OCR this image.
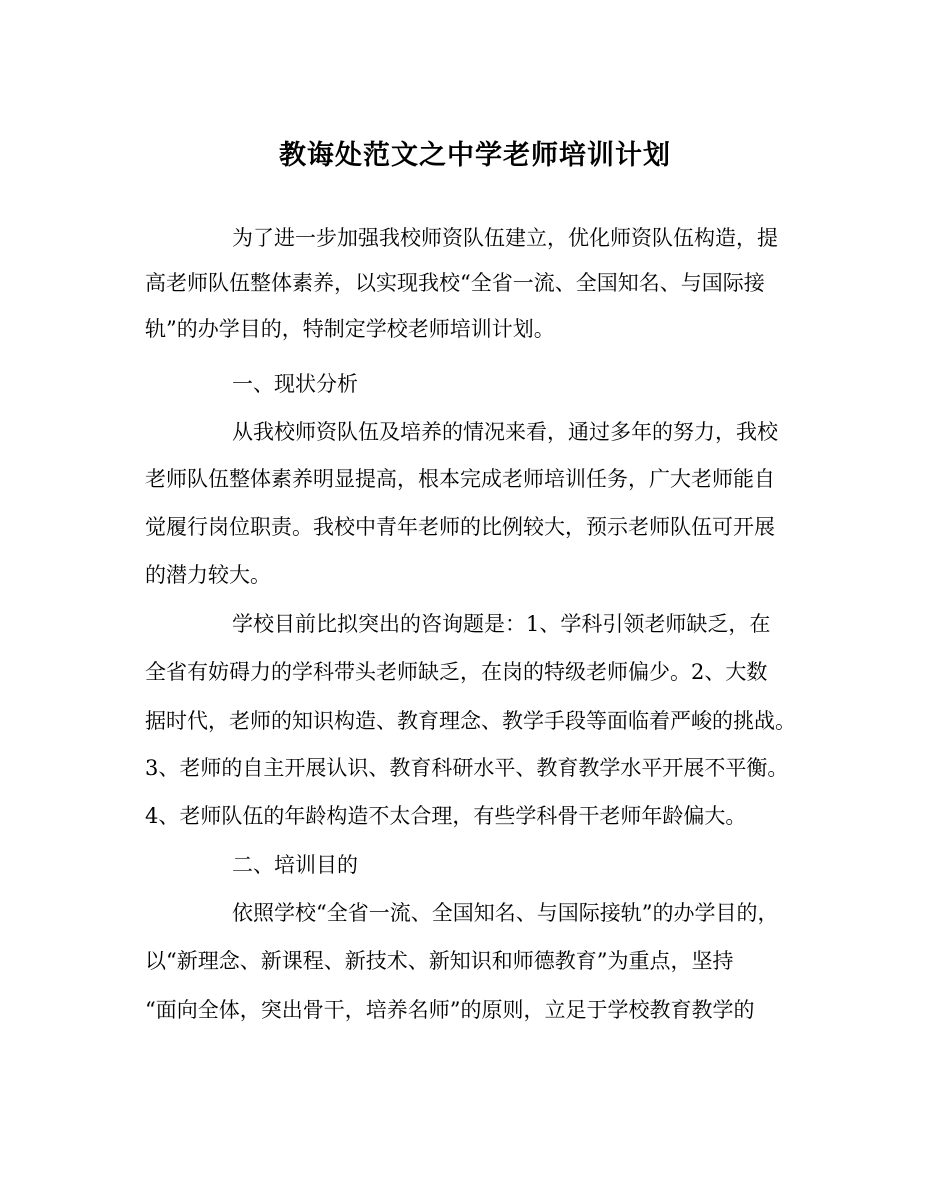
教诲处范文之中学老师培训计划
为了进一步加强我校师资队伍建立，优化师资队伍构造，提
高老师队伍整体素养，以实现我校“全省一流、全国知名、与国际接
轨”的办学目的，特制定学校老师培训计划。
一、现状分析
从我校师资队伍及培养的情况来看，通过多年的努力，我校
老师队伍整体素养明显提高，根本完成老师培训任务，广大老师能自
觉履行岗位职责。我校中青年老师的比例较大，预示老师队伍可开展
的潜力较大。
学校目前比拟突出的咨询题是：1、学科引领老师缺乏，在
全省有妨碍力的学科带头老师缺乏，在岗的特级老师偏少。2、大数
据时代，老师的知识构造、教育理念、教学手段等面临着严峻的挑战。
3、老师的自主开展认识、教育科研水平、教育教学水平开展不平衡。
4、老师队伍的年龄构造不太合理，有些学科骨干老师年龄偏大。
二、培训目的
依照学校“全省一流、全国知名、与国际接轨”的办学目的，
以“新理念、新课程、新技术、新知识和师德教育”为重点，坚持
“面向全体，突出骨干，培养名师”的原则，立足于学校教育教学的
